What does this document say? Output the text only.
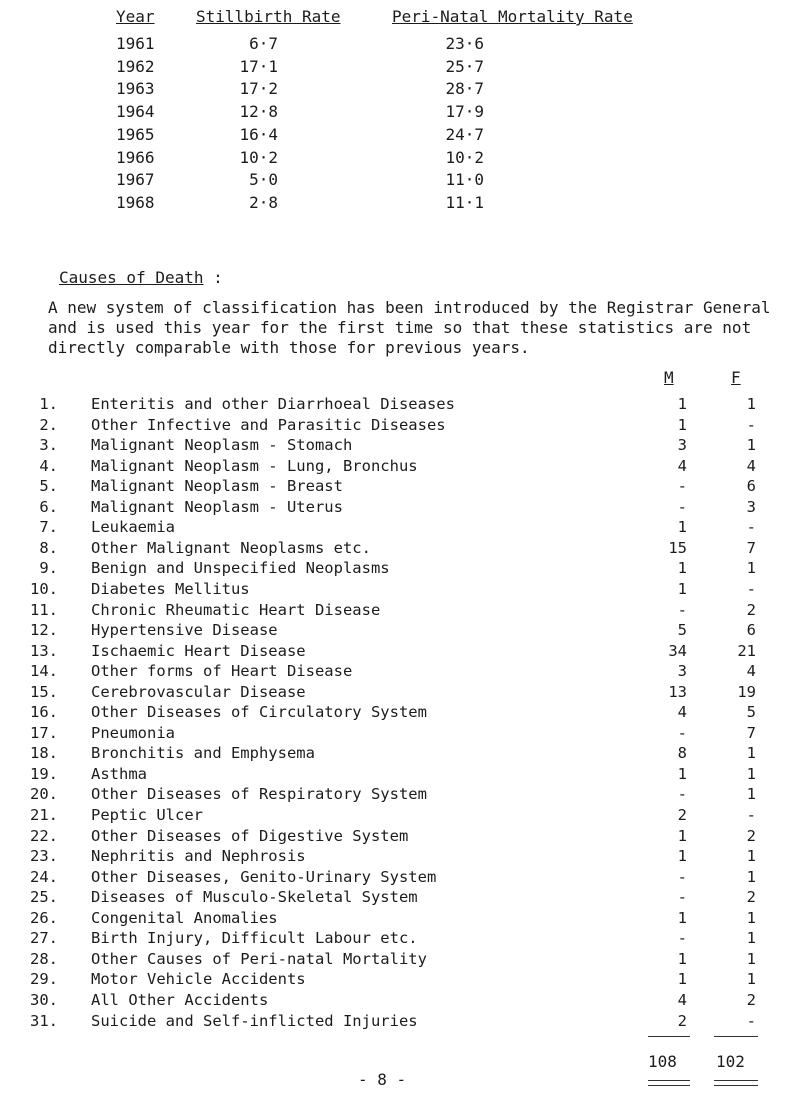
Year	Stillbirth Rate	Peri-Natal Mortality Rate
1961	6·7	23·6
1962	17·1	25·7
1963	17·2	28·7
1964	12·8	17·9
1965	16·4	24·7
1966	10·2	10·2
1967	5·0	11·0
1968	2·8	11·1
Causes of Death :
A new system of classification has been introduced by the Registrar General and is used this year for the first time so that these statistics are not directly comparable with those for previous years.
M	F
1. Enteritis and other Diarrhoeal Diseases	1	1
2. Other Infective and Parasitic Diseases	1	-
3. Malignant Neoplasm - Stomach	3	1
4. Malignant Neoplasm - Lung, Bronchus	4	4
5. Malignant Neoplasm - Breast	-	6
6. Malignant Neoplasm - Uterus	-	3
7. Leukaemia	1	-
8. Other Malignant Neoplasms etc.	15	7
9. Benign and Unspecified Neoplasms	1	1
10. Diabetes Mellitus	1	-
11. Chronic Rheumatic Heart Disease	-	2
12. Hypertensive Disease	5	6
13. Ischaemic Heart Disease	34	21
14. Other forms of Heart Disease	3	4
15. Cerebrovascular Disease	13	19
16. Other Diseases of Circulatory System	4	5
17. Pneumonia	-	7
18. Bronchitis and Emphysema	8	1
19. Asthma	1	1
20. Other Diseases of Respiratory System	-	1
21. Peptic Ulcer	2	-
22. Other Diseases of Digestive System	1	2
23. Nephritis and Nephrosis	1	1
24. Other Diseases, Genito-Urinary System	-	1
25. Diseases of Musculo-Skeletal System	-	2
26. Congenital Anomalies	1	1
27. Birth Injury, Difficult Labour etc.	-	1
28. Other Causes of Peri-natal Mortality	1	1
29. Motor Vehicle Accidents	1	1
30. All Other Accidents	4	2
31. Suicide and Self-inflicted Injuries	2	-
108 102
- 8 -
